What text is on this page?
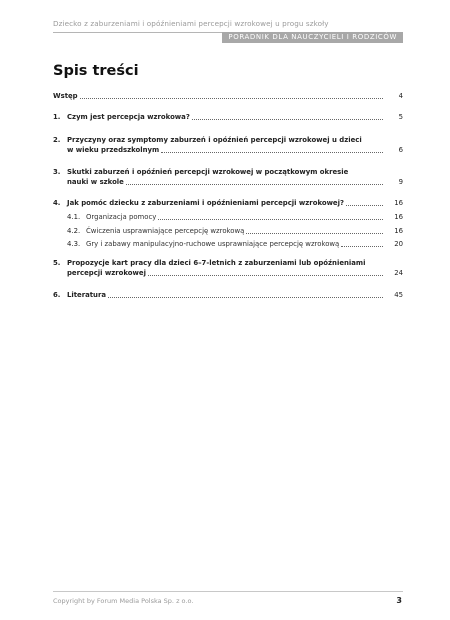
Dziecko z zaburzeniami i opóźnieniami percepcji wzrokowej u progu szkoły
PORADNIK DLA NAUCZYCIELI I RODZICÓW
Spis treści
Wstęp	4
1. Czym jest percepcja wzrokowa?	5
2. Przyczyny oraz symptomy zaburzeń i opóźnień percepcji wzrokowej u dzieci
w wieku przedszkolnym	6
3. Skutki zaburzeń i opóźnień percepcji wzrokowej w początkowym okresie
nauki w szkole	9
4. Jak pomóc dziecku z zaburzeniami i opóźnieniami percepcji wzrokowej?	16
4.1. Organizacja pomocy	16
4.2. Ćwiczenia usprawniające percepcję wzrokową	16
4.3. Gry i zabawy manipulacyjno-ruchowe usprawniające percepcję wzrokową	20
5. Propozycje kart pracy dla dzieci 6–7-letnich z zaburzeniami lub opóźnieniami
percepcji wzrokowej	24
6. Literatura	45
Copyright by Forum Media Polska Sp. z o.o.	3
